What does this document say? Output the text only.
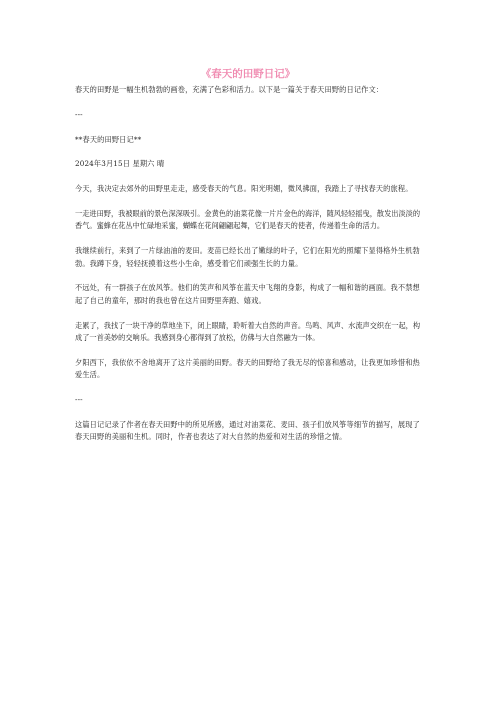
《春天的田野日记》

春天的田野是一幅生机勃勃的画卷，充满了色彩和活力。以下是一篇关于春天田野的日记作文：

---

**春天的田野日记**

2024年3月15日 星期六 晴

今天，我决定去郊外的田野里走走，感受春天的气息。阳光明媚，微风拂面，我踏上了寻找春天的旅程。

一走进田野，我被眼前的景色深深吸引。金黄色的油菜花像一片片金色的海洋，随风轻轻摇曳，散发出淡淡的香气。蜜蜂在花丛中忙碌地采蜜，蝴蝶在花间翩翩起舞，它们是春天的使者，传递着生命的活力。

我继续前行，来到了一片绿油油的麦田。麦苗已经长出了嫩绿的叶子，它们在阳光的照耀下显得格外生机勃勃。我蹲下身，轻轻抚摸着这些小生命，感受着它们顽强生长的力量。

不远处，有一群孩子在放风筝。他们的笑声和风筝在蓝天中飞翔的身影，构成了一幅和谐的画面。我不禁想起了自己的童年，那时的我也曾在这片田野里奔跑、嬉戏。

走累了，我找了一块干净的草地坐下，闭上眼睛，聆听着大自然的声音。鸟鸣、风声、水流声交织在一起，构成了一首美妙的交响乐。我感到身心都得到了放松，仿佛与大自然融为一体。

夕阳西下，我依依不舍地离开了这片美丽的田野。春天的田野给了我无尽的惊喜和感动，让我更加珍惜和热爱生活。

---

这篇日记记录了作者在春天田野中的所见所感，通过对油菜花、麦田、孩子们放风筝等细节的描写，展现了春天田野的美丽和生机。同时，作者也表达了对大自然的热爱和对生活的珍惜之情。
